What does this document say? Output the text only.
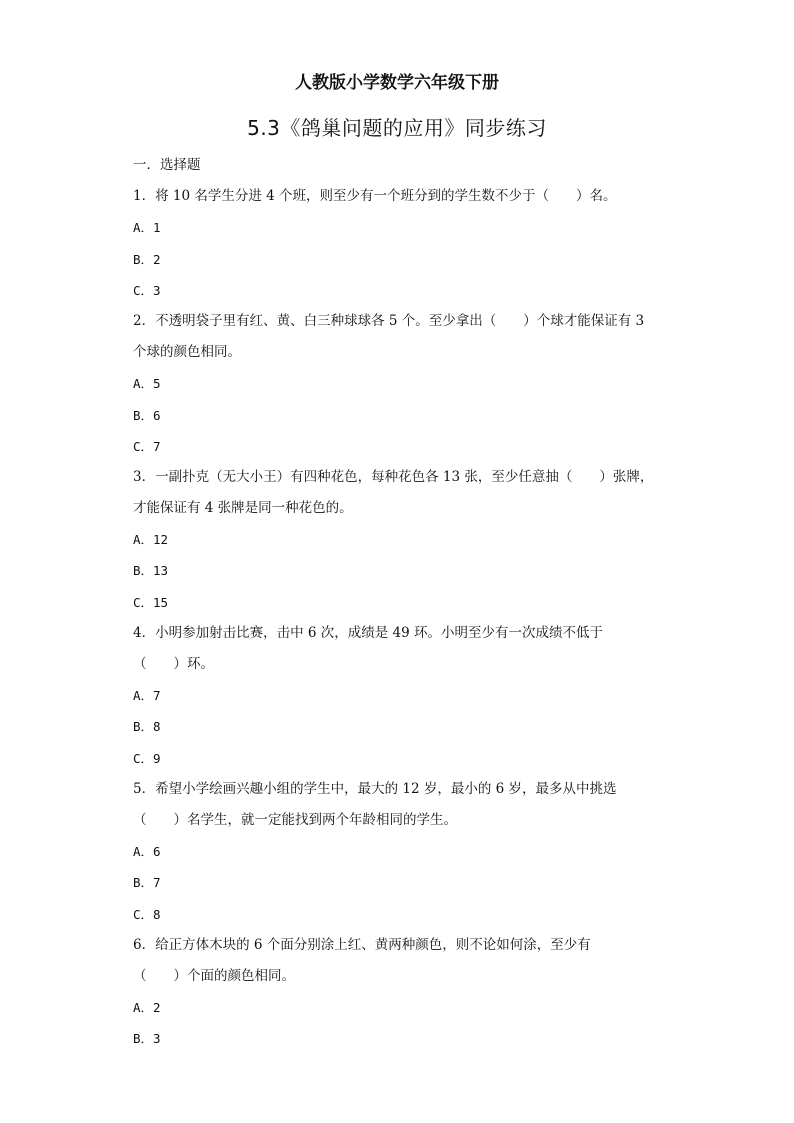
人教版小学数学六年级下册
5.3《鸽巢问题的应用》同步练习
一．选择题
1．将 10 名学生分进 4 个班，则至少有一个班分到的学生数不少于（　　）名。
A．1
B．2
C．3
2．不透明袋子里有红、黄、白三种球球各 5 个。至少拿出（　　）个球才能保证有 3
个球的颜色相同。
A．5
B．6
C．7
3．一副扑克（无大小王）有四种花色，每种花色各 13 张，至少任意抽（　　）张牌，
才能保证有 4 张牌是同一种花色的。
A．12
B．13
C．15
4．小明参加射击比赛，击中 6 次，成绩是 49 环。小明至少有一次成绩不低于
（　　）环。
A．7
B．8
C．9
5．希望小学绘画兴趣小组的学生中，最大的 12 岁，最小的 6 岁，最多从中挑选
（　　）名学生，就一定能找到两个年龄相同的学生。
A．6
B．7
C．8
6．给正方体木块的 6 个面分别涂上红、黄两种颜色，则不论如何涂，至少有
（　　）个面的颜色相同。
A．2
B．3
